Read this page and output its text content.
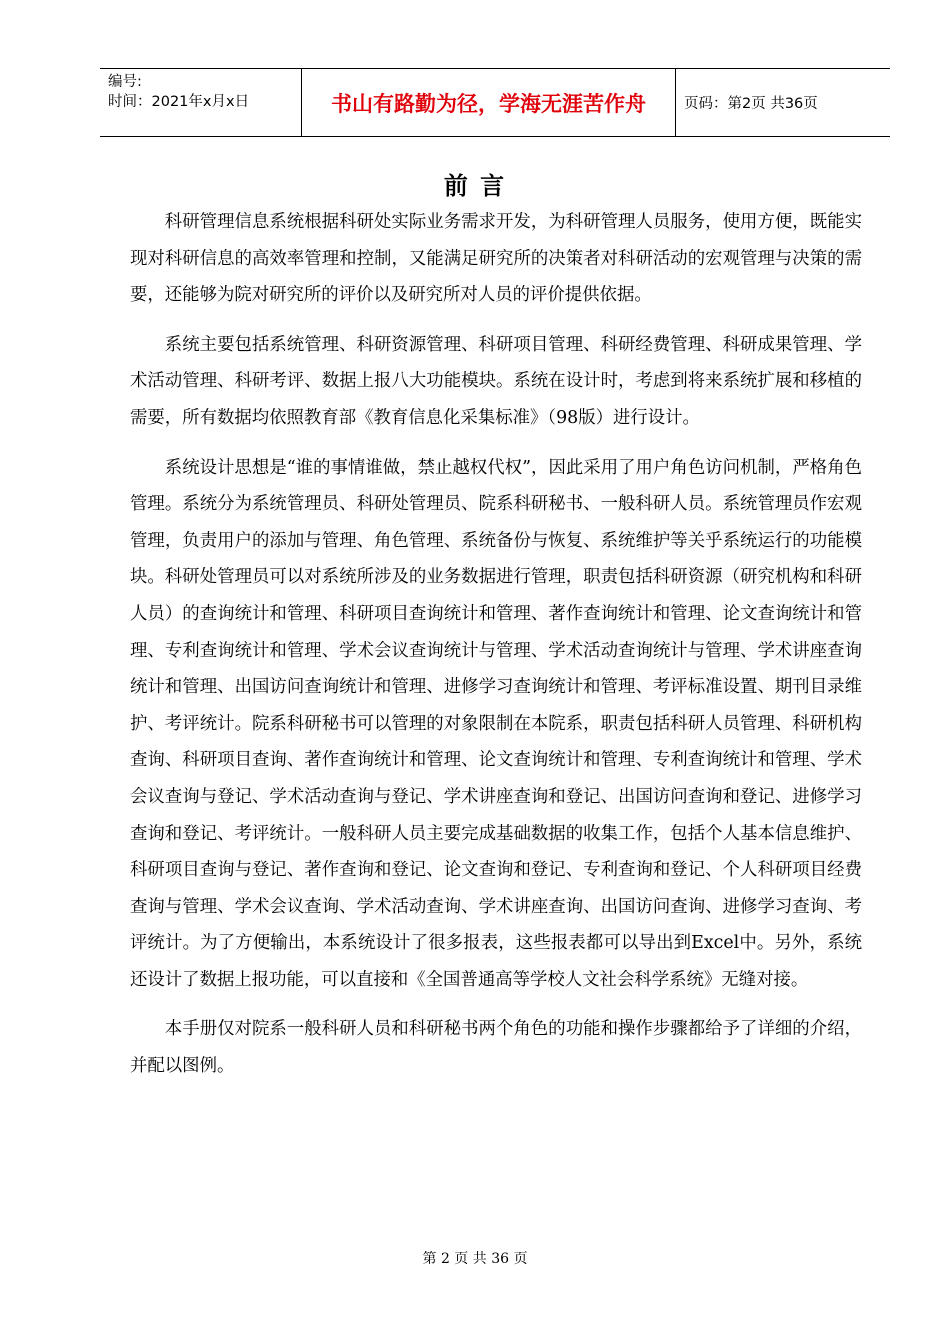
编号:
时间：2021年x月x日	书山有路勤为径，学海无涯苦作舟	页码：第2页 共36页
前 言

科研管理信息系统根据科研处实际业务需求开发，为科研管理人员服务，使用方便，既能实现对科研信息的高效率管理和控制，又能满足研究所的决策者对科研活动的宏观管理与决策的需要，还能够为院对研究所的评价以及研究所对人员的评价提供依据。

系统主要包括系统管理、科研资源管理、科研项目管理、科研经费管理、科研成果管理、学术活动管理、科研考评、数据上报八大功能模块。系统在设计时，考虑到将来系统扩展和移植的需要，所有数据均依照教育部《教育信息化采集标准》（98版）进行设计。

系统设计思想是“谁的事情谁做，禁止越权代权”，因此采用了用户角色访问机制，严格角色管理。系统分为系统管理员、科研处管理员、院系科研秘书、一般科研人员。系统管理员作宏观管理，负责用户的添加与管理、角色管理、系统备份与恢复、系统维护等关乎系统运行的功能模块。科研处管理员可以对系统所涉及的业务数据进行管理，职责包括科研资源（研究机构和科研人员）的查询统计和管理、科研项目查询统计和管理、著作查询统计和管理、论文查询统计和管理、专利查询统计和管理、学术会议查询统计与管理、学术活动查询统计与管理、学术讲座查询统计和管理、出国访问查询统计和管理、进修学习查询统计和管理、考评标准设置、期刊目录维护、考评统计。院系科研秘书可以管理的对象限制在本院系，职责包括科研人员管理、科研机构查询、科研项目查询、著作查询统计和管理、论文查询统计和管理、专利查询统计和管理、学术会议查询与登记、学术活动查询与登记、学术讲座查询和登记、出国访问查询和登记、进修学习查询和登记、考评统计。一般科研人员主要完成基础数据的收集工作，包括个人基本信息维护、科研项目查询与登记、著作查询和登记、论文查询和登记、专利查询和登记、个人科研项目经费查询与管理、学术会议查询、学术活动查询、学术讲座查询、出国访问查询、进修学习查询、考评统计。为了方便输出，本系统设计了很多报表，这些报表都可以导出到Excel中。另外，系统还设计了数据上报功能，可以直接和《全国普通高等学校人文社会科学系统》无缝对接。

本手册仅对院系一般科研人员和科研秘书两个角色的功能和操作步骤都给予了详细的介绍，并配以图例。

第 2 页 共 36 页
